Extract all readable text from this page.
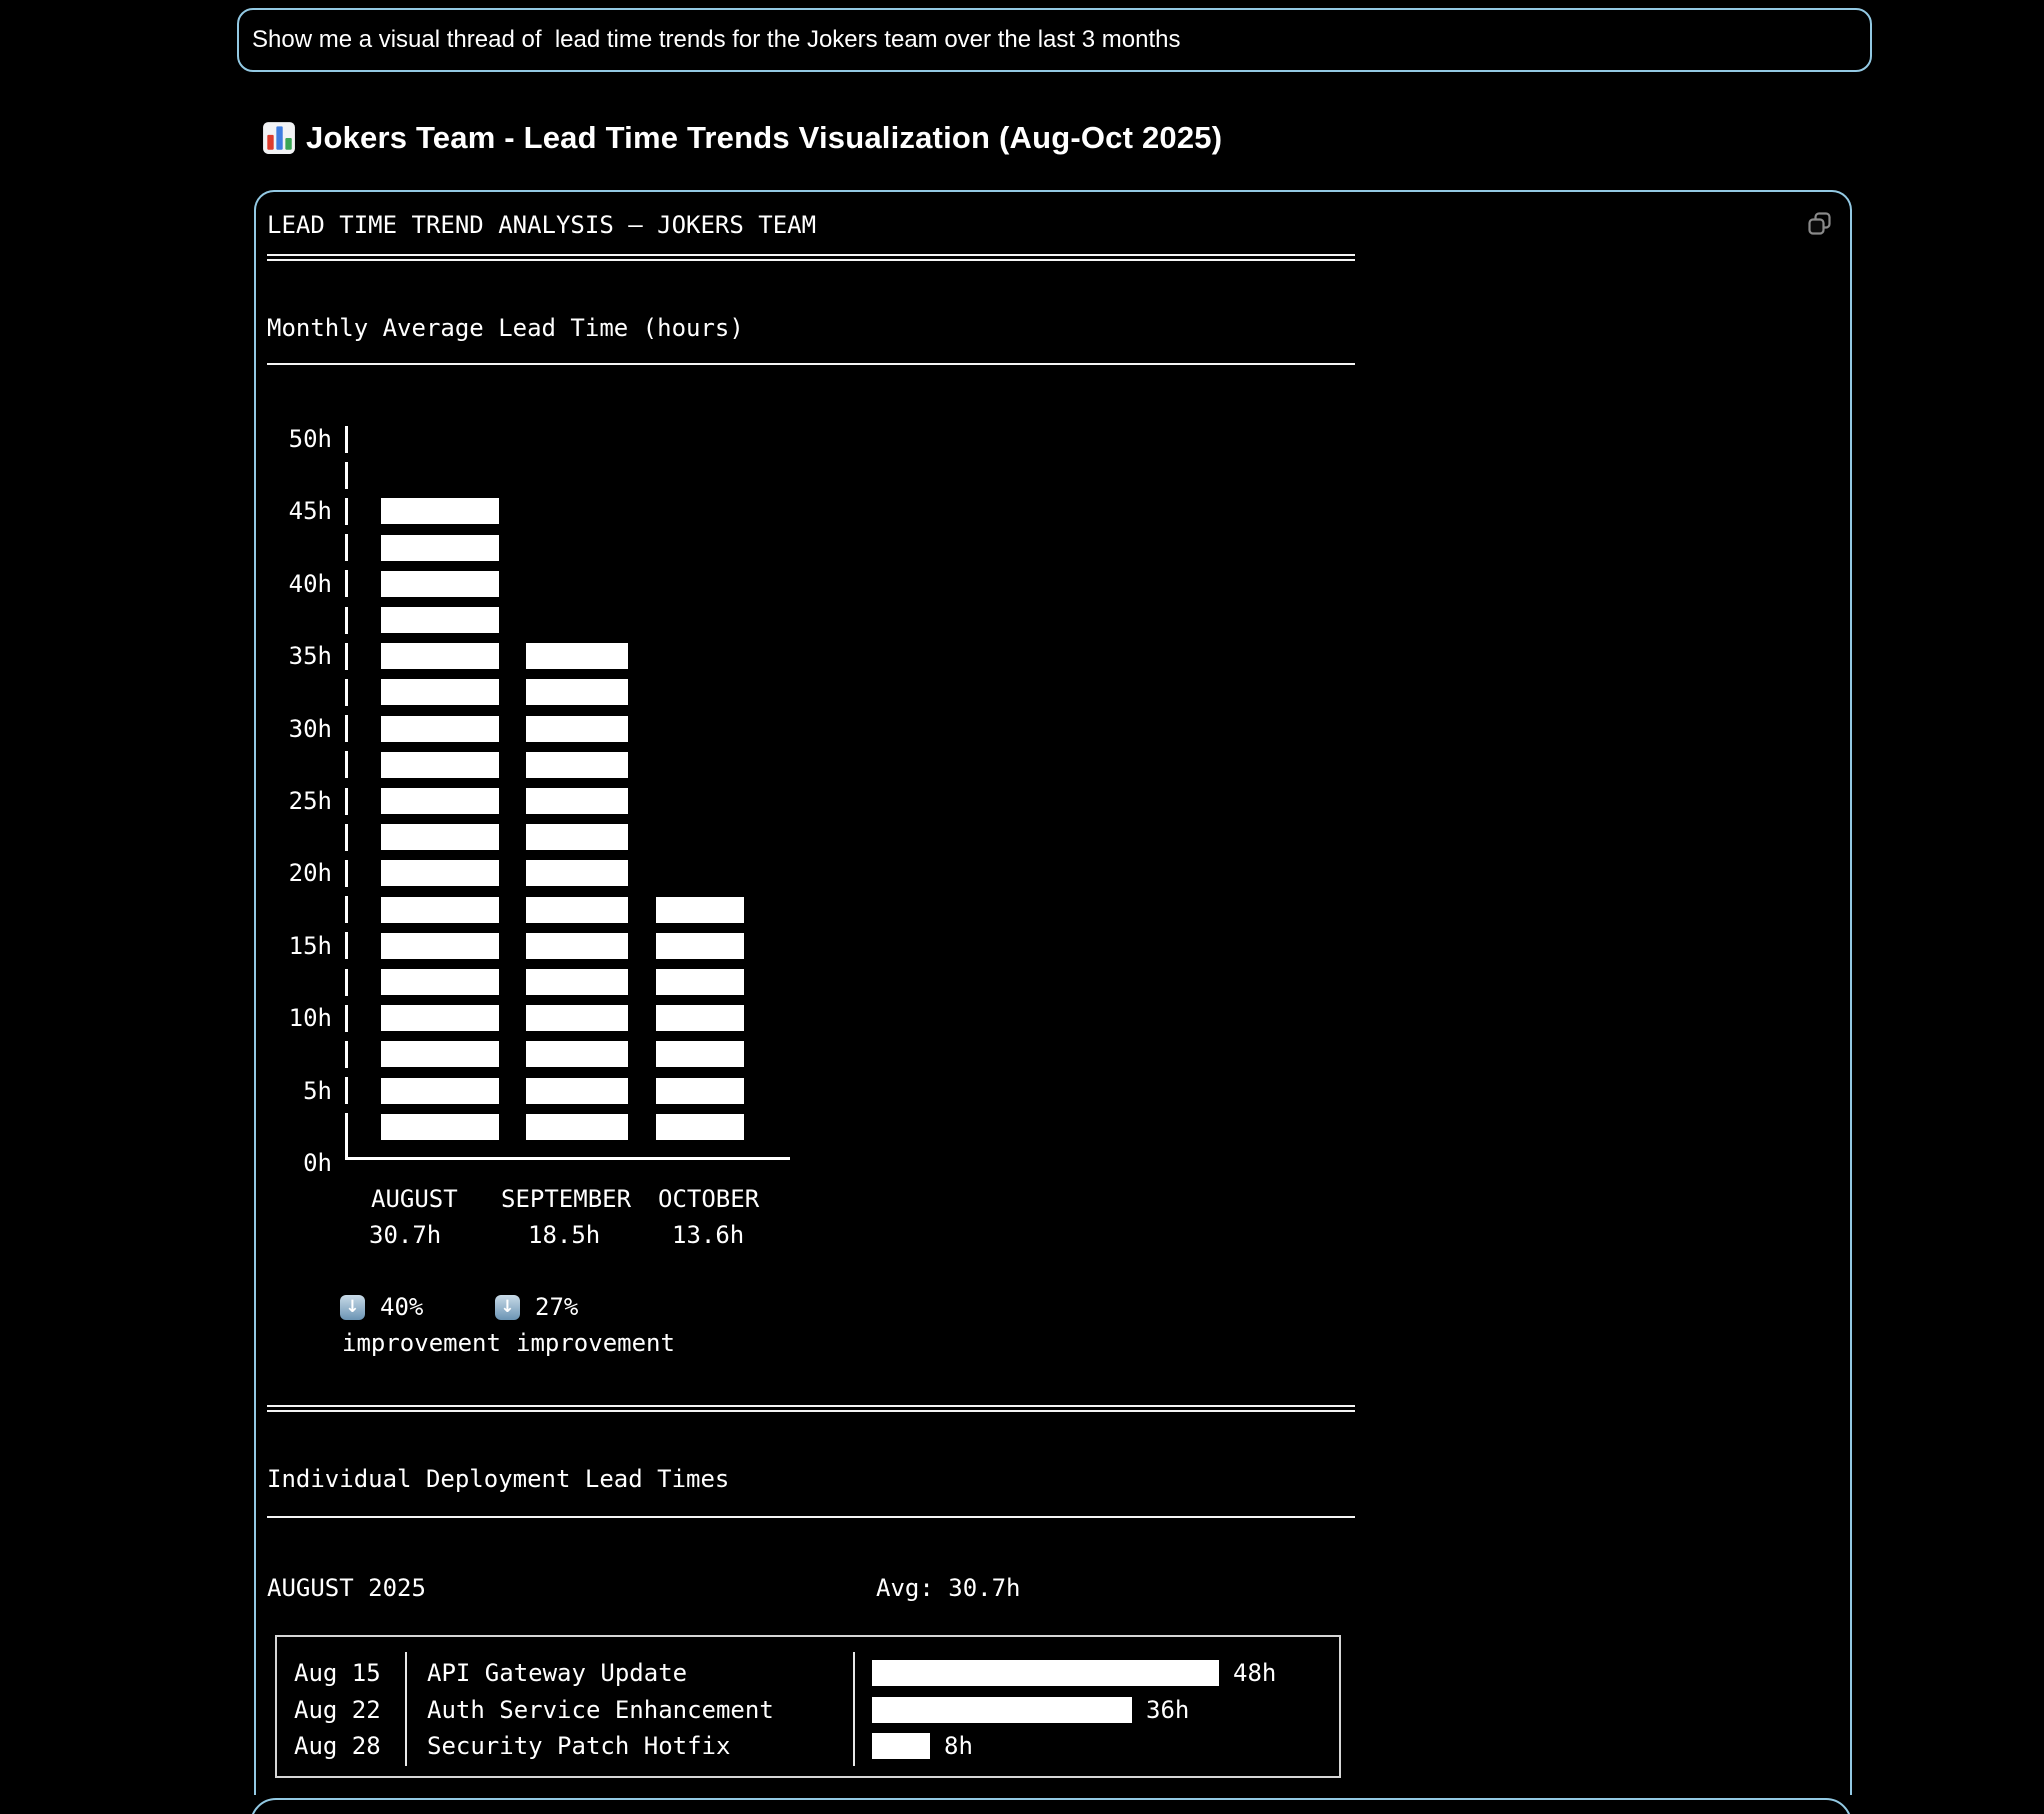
Show me a visual thread of  lead time trends for the Jokers team over the last 3 months
Jokers Team - Lead Time Trends Visualization (Aug-Oct 2025)
LEAD TIME TREND ANALYSIS — JOKERS TEAM
Monthly Average Lead Time (hours)
50h
45h
40h
35h
30h
25h
20h
15h
10h
5h
0h
AUGUST SEPTEMBER OCTOBER
30.7h	18.5h	13.6h
↓ 40%	↓ 27%
improvement improvement
Individual Deployment Lead Times
AUGUST 2025	Avg: 30.7h
Aug 15 API Gateway Update	48h
Aug 22 Auth Service Enhancement	36h
Aug 28 Security Patch Hotfix	8h
